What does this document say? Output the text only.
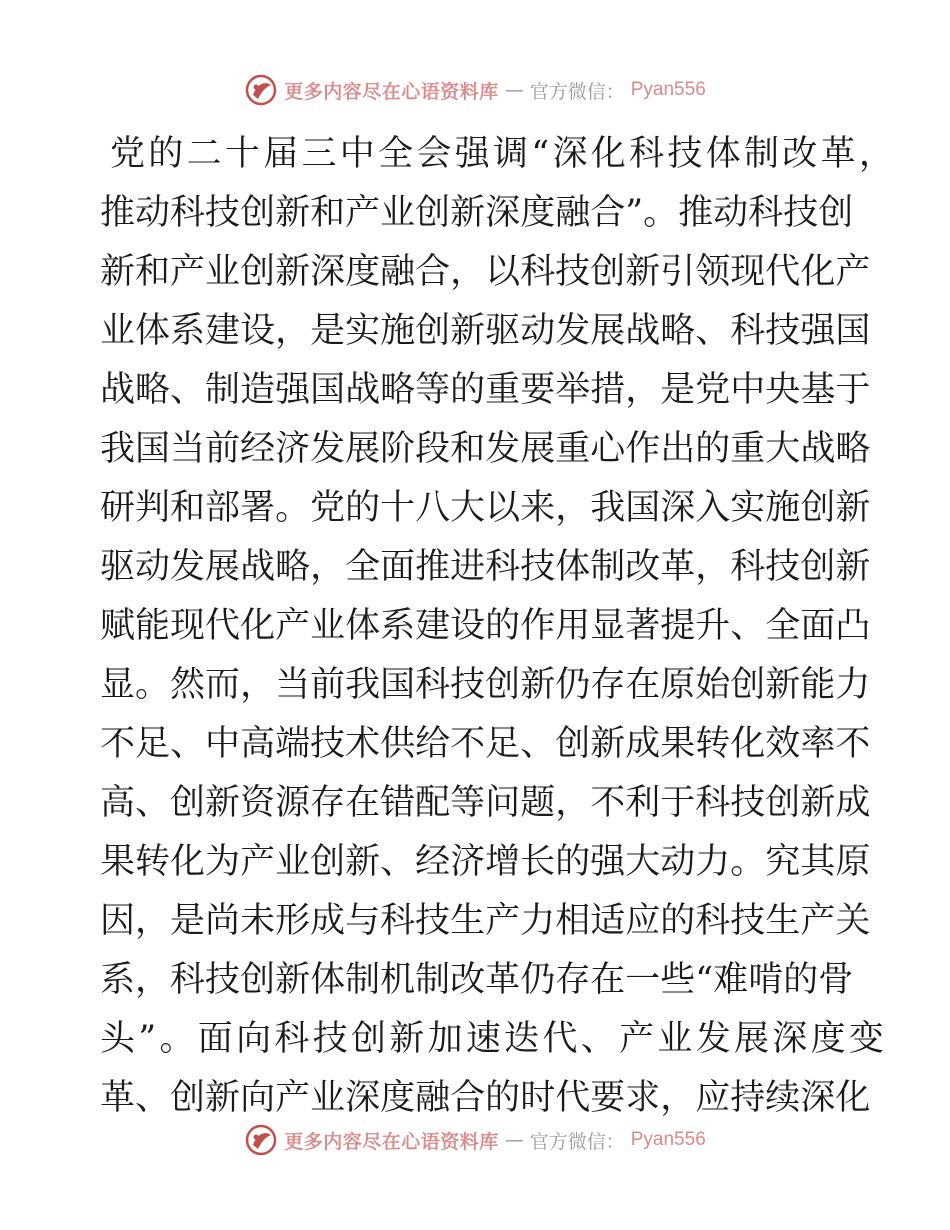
更多内容尽在心语资料库 — 官方微信： Pyan556
党的二十届三中全会强调“深化科技体制改革，
推 动 科 技 创 新 和 产 业 创 新 深 度 融 合 ” 。 推 动 科 技 创
新 和 产 业 创 新 深 度 融 合 ， 以 科 技 创 新 引 领 现 代 化 产
业 体 系 建 设 ， 是 实 施 创 新 驱 动 发 展 战 略 、 科 技 强 国
战 略 、 制 造 强 国 战 略 等 的 重 要 举 措 ， 是 党 中 央 基 于
我 国 当 前 经 济 发 展 阶 段 和 发 展 重 心 作 出 的 重 大 战 略
研 判 和 部 署 。 党 的 十 八 大 以 来 ， 我 国 深 入 实 施 创 新
驱 动 发 展 战 略 ， 全 面 推 进 科 技 体 制 改 革 ， 科 技 创 新
赋 能 现 代 化 产 业 体 系 建 设 的 作 用 显 著 提 升 、 全 面 凸
显 。 然 而 ， 当 前 我 国 科 技 创 新 仍 存 在 原 始 创 新 能 力
不 足 、 中 高 端 技 术 供 给 不 足 、 创 新 成 果 转 化 效 率 不
高 、 创 新 资 源 存 在 错 配 等 问 题 ， 不 利 于 科 技 创 新 成
果 转 化 为 产 业 创 新 、 经 济 增 长 的 强 大 动 力 。 究 其 原
因 ， 是 尚 未 形 成 与 科 技 生 产 力 相 适 应 的 科 技 生 产 关
系 ， 科 技 创 新 体 制 机 制 改 革 仍 存 在 一 些 “ 难 啃 的 骨
头”。面向科技创新加速迭代、产业发展深度变
革 、 创 新 向 产 业 深 度 融 合 的 时 代 要 求 ， 应 持 续 深 化
更多内容尽在心语资料库 — 官方微信： Pyan556
